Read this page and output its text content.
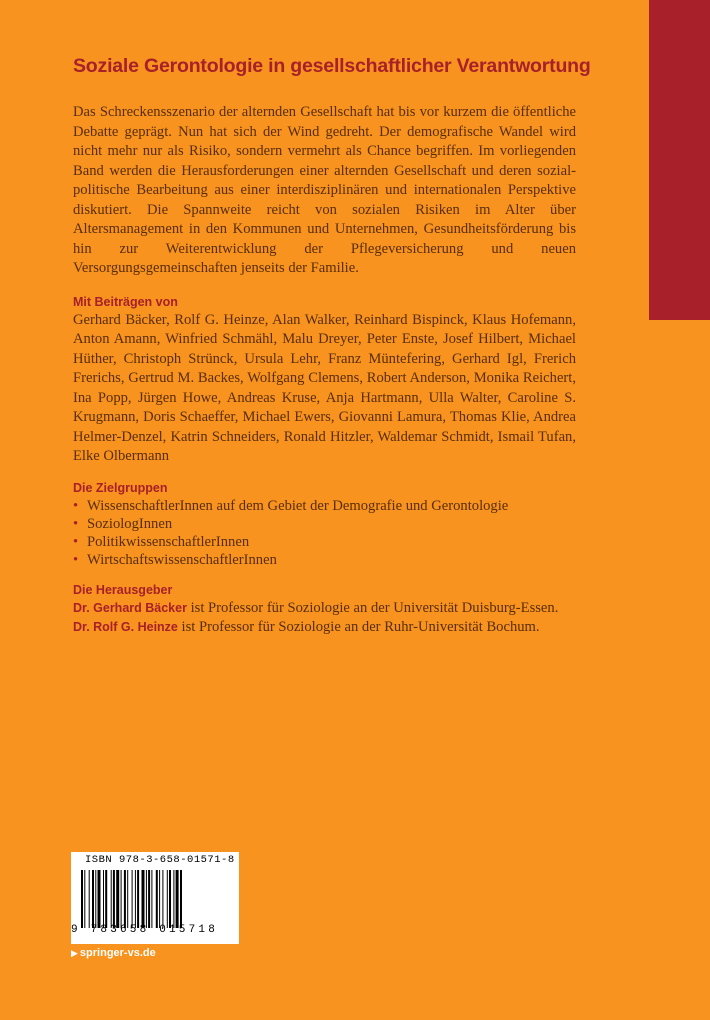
Soziale Gerontologie in gesellschaftlicher Verantwortung

Das Schreckensszenario der alternden Gesellschaft hat bis vor kurzem die öffentliche Debatte geprägt. Nun hat sich der Wind gedreht. Der demografische Wandel wird nicht mehr nur als Risiko, sondern vermehrt als Chance begriffen. Im vorliegenden Band werden die Herausforderungen einer alternden Gesellschaft und deren sozial-politische Bearbeitung aus einer interdisziplinären und internationalen Perspektive diskutiert. Die Spannweite reicht von sozialen Risiken im Alter über Altersmanagement in den Kommunen und Unternehmen, Gesundheitsförderung bis hin zur Weiterentwicklung der Pflegeversicherung und neuen Versorgungsgemeinschaften jenseits der Familie.

Mit Beiträgen von

Gerhard Bäcker, Rolf G. Heinze, Alan Walker, Reinhard Bispinck, Klaus Hofemann, Anton Amann, Winfried Schmähl, Malu Dreyer, Peter Enste, Josef Hilbert, Michael Hüther, Christoph Strünck, Ursula Lehr, Franz Müntefering, Gerhard Igl, Frerich Frerichs, Gertrud M. Backes, Wolfgang Clemens, Robert Anderson, Monika Reichert, Ina Popp, Jürgen Howe, Andreas Kruse, Anja Hartmann, Ulla Walter, Caroline S. Krugmann, Doris Schaeffer, Michael Ewers, Giovanni Lamura, Thomas Klie, Andrea Helmer-Denzel, Katrin Schneiders, Ronald Hitzler, Waldemar Schmidt, Ismail Tufan, Elke Olbermann

Die Zielgruppen
• WissenschaftlerInnen auf dem Gebiet der Demografie und Gerontologie
• SoziologInnen
• PolitikwissenschaftlerInnen
• WirtschaftswissenschaftlerInnen
Die Herausgeber

Dr. Gerhard Bäcker ist Professor für Soziologie an der Universität Duisburg-Essen.

Dr. Rolf G. Heinze ist Professor für Soziologie an der Ruhr-Universität Bochum.

ISBN 978-3-658-01571-8
9 783658 015718
▶ springer-vs.de
